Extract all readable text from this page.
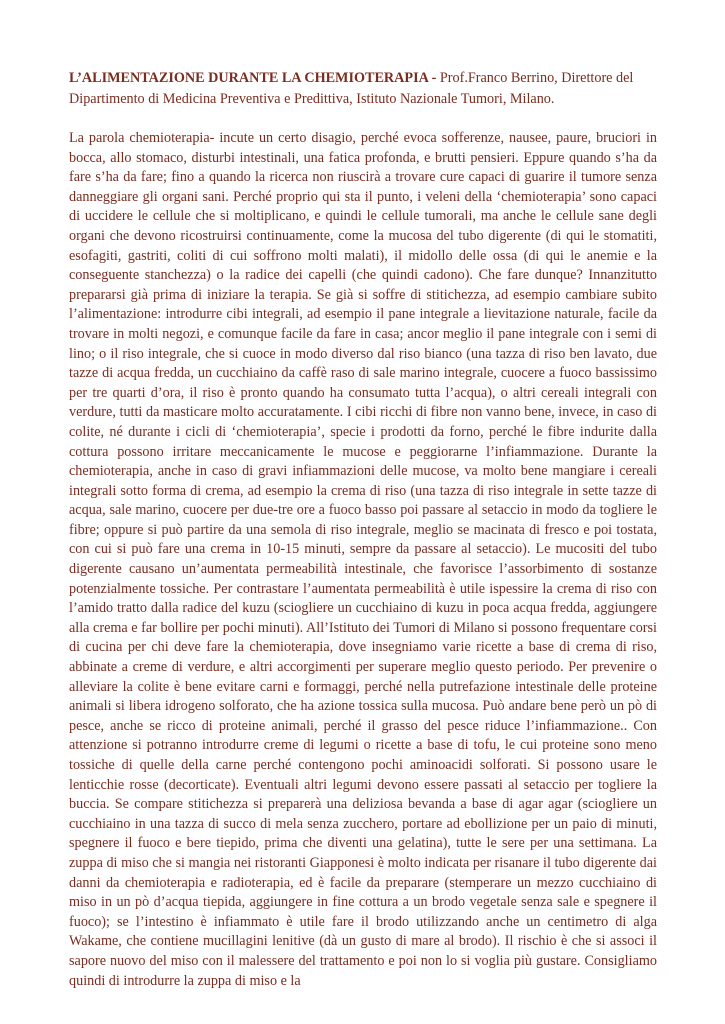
L’ALIMENTAZIONE DURANTE LA CHEMIOTERAPIA - Prof.Franco Berrino, Direttore del Dipartimento di Medicina Preventiva e Predittiva, Istituto Nazionale Tumori, Milano.

La parola chemioterapia- incute un certo disagio, perché evoca sofferenze, nausee, paure, bruciori in bocca, allo stomaco, disturbi intestinali, una fatica profonda, e brutti pensieri. Eppure quando s’ha da fare s’ha da fare; fino a quando la ricerca non riuscirà a trovare cure capaci di guarire il tumore senza danneggiare gli organi sani. Perché proprio qui sta il punto, i veleni della ‘chemioterapia’ sono capaci di uccidere le cellule che si moltiplicano, e quindi le cellule tumorali, ma anche le cellule sane degli organi che devono ricostruirsi continuamente, come la mucosa del tubo digerente (di qui le stomatiti, esofagiti, gastriti, coliti di cui soffrono molti malati), il midollo delle ossa (di qui le anemie e la conseguente stanchezza) o la radice dei capelli (che quindi cadono). Che fare dunque? Innanzitutto prepararsi già prima di iniziare la terapia. Se già si soffre di stitichezza, ad esempio cambiare subito l’alimentazione: introdurre cibi integrali, ad esempio il pane integrale a lievitazione naturale, facile da trovare in molti negozi, e comunque facile da fare in casa; ancor meglio il pane integrale con i semi di lino; o il riso integrale, che si cuoce in modo diverso dal riso bianco (una tazza di riso ben lavato, due tazze di acqua fredda, un cucchiaino da caffè raso di sale marino integrale, cuocere a fuoco bassissimo per tre quarti d’ora, il riso è pronto quando ha consumato tutta l’acqua), o altri cereali integrali con verdure, tutti da masticare molto accuratamente. I cibi ricchi di fibre non vanno bene, invece, in caso di colite, né durante i cicli di ‘chemioterapia’, specie i prodotti da forno, perché le fibre indurite dalla cottura possono irritare meccanicamente le mucose e peggiorarne l’infiammazione. Durante la chemioterapia, anche in caso di gravi infiammazioni delle mucose, va molto bene mangiare i cereali integrali sotto forma di crema, ad esempio la crema di riso (una tazza di riso integrale in sette tazze di acqua, sale marino, cuocere per due-tre ore a fuoco basso poi passare al setaccio in modo da togliere le fibre; oppure si può partire da una semola di riso integrale, meglio se macinata di fresco e poi tostata, con cui si può fare una crema in 10-15 minuti, sempre da passare al setaccio). Le mucositi del tubo digerente causano un’aumentata permeabilità intestinale, che favorisce l’assorbimento di sostanze potenzialmente tossiche. Per contrastare l’aumentata permeabilità è utile ispessire la crema di riso con l’amido tratto dalla radice del kuzu (sciogliere un cucchiaino di kuzu in poca acqua fredda, aggiungere alla crema e far bollire per pochi minuti). All’Istituto dei Tumori di Milano si possono frequentare corsi di cucina per chi deve fare la chemioterapia, dove insegniamo varie ricette a base di crema di riso, abbinate a creme di verdure, e altri accorgimenti per superare meglio questo periodo. Per prevenire o alleviare la colite è bene evitare carni e formaggi, perché nella putrefazione intestinale delle proteine animali si libera idrogeno solforato, che ha azione tossica sulla mucosa. Può andare bene però un pò di pesce, anche se ricco di proteine animali, perché il grasso del pesce riduce l’infiammazione.. Con attenzione si potranno introdurre creme di legumi o ricette a base di tofu, le cui proteine sono meno tossiche di quelle della carne perché contengono pochi aminoacidi solforati. Si possono usare le lenticchie rosse (decorticate). Eventuali altri legumi devono essere passati al setaccio per togliere la buccia. Se compare stitichezza si preparerà una deliziosa bevanda a base di agar agar (sciogliere un cucchiaino in una tazza di succo di mela senza zucchero, portare ad ebollizione per un paio di minuti, spegnere il fuoco e bere tiepido, prima che diventi una gelatina), tutte le sere per una settimana. La zuppa di miso che si mangia nei ristoranti Giapponesi è molto indicata per risanare il tubo digerente dai danni da chemioterapia e radioterapia, ed è facile da preparare (stemperare un mezzo cucchiaino di miso in un pò d’acqua tiepida, aggiungere in fine cottura a un brodo vegetale senza sale e spegnere il fuoco); se l’intestino è infiammato è utile fare il brodo utilizzando anche un centimetro di alga Wakame, che contiene mucillagini lenitive (dà un gusto di mare al brodo). Il rischio è che si associ il sapore nuovo del miso con il malessere del trattamento e poi non lo si voglia più gustare. Consigliamo quindi di introdurre la zuppa di miso e la
